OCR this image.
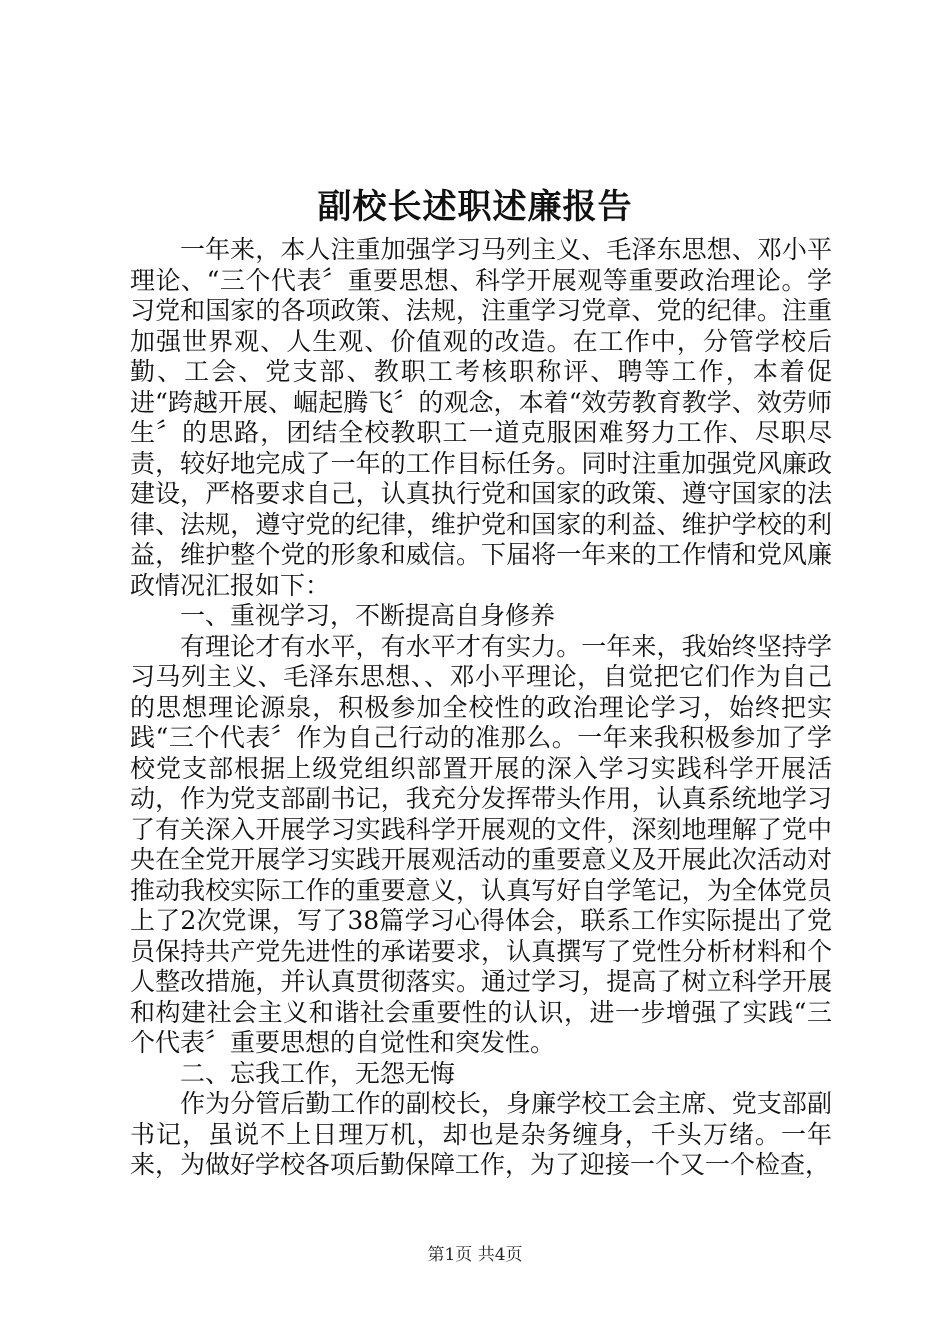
副校长述职述廉报告

一年来，本人注重加强学习马列主义、毛泽东思想、邓小平理论、“三个代表〞重要思想、科学开展观等重要政治理论。学习党和国家的各项政策、法规，注重学习党章、党的纪律。注重加强世界观、人生观、价值观的改造。在工作中，分管学校后勤、工会、党支部、教职工考核职称评、聘等工作，本着促进“跨越开展、崛起腾飞〞的观念，本着“效劳教育教学、效劳师生〞的思路，团结全校教职工一道克服困难努力工作、尽职尽责，较好地完成了一年的工作目标任务。同时注重加强党风廉政建设，严格要求自己，认真执行党和国家的政策、遵守国家的法律、法规，遵守党的纪律，维护党和国家的利益、维护学校的利益，维护整个党的形象和威信。下届将一年来的工作情和党风廉政情况汇报如下：

一、重视学习，不断提高自身修养

有理论才有水平，有水平才有实力。一年来，我始终坚持学习马列主义、毛泽东思想、、邓小平理论，自觉把它们作为自己的思想理论源泉，积极参加全校性的政治理论学习，始终把实践“三个代表〞作为自己行动的准那么。一年来我积极参加了学校党支部根据上级党组织部置开展的深入学习实践科学开展活动，作为党支部副书记，我充分发挥带头作用，认真系统地学习了有关深入开展学习实践科学开展观的文件，深刻地理解了党中央在全党开展学习实践开展观活动的重要意义及开展此次活动对推动我校实际工作的重要意义，认真写好自学笔记，为全体党员上了2次党课，写了38篇学习心得体会，联系工作实际提出了党员保持共产党先进性的承诺要求，认真撰写了党性分析材料和个人整改措施，并认真贯彻落实。通过学习，提高了树立科学开展和构建社会主义和谐社会重要性的认识，进一步增强了实践“三个代表〞重要思想的自觉性和突发性。

二、忘我工作，无怨无悔

作为分管后勤工作的副校长，身廉学校工会主席、党支部副书记，虽说不上日理万机，却也是杂务缠身，千头万绪。一年来，为做好学校各项后勤保障工作，为了迎接一个又一个检查，

第1页 共4页
